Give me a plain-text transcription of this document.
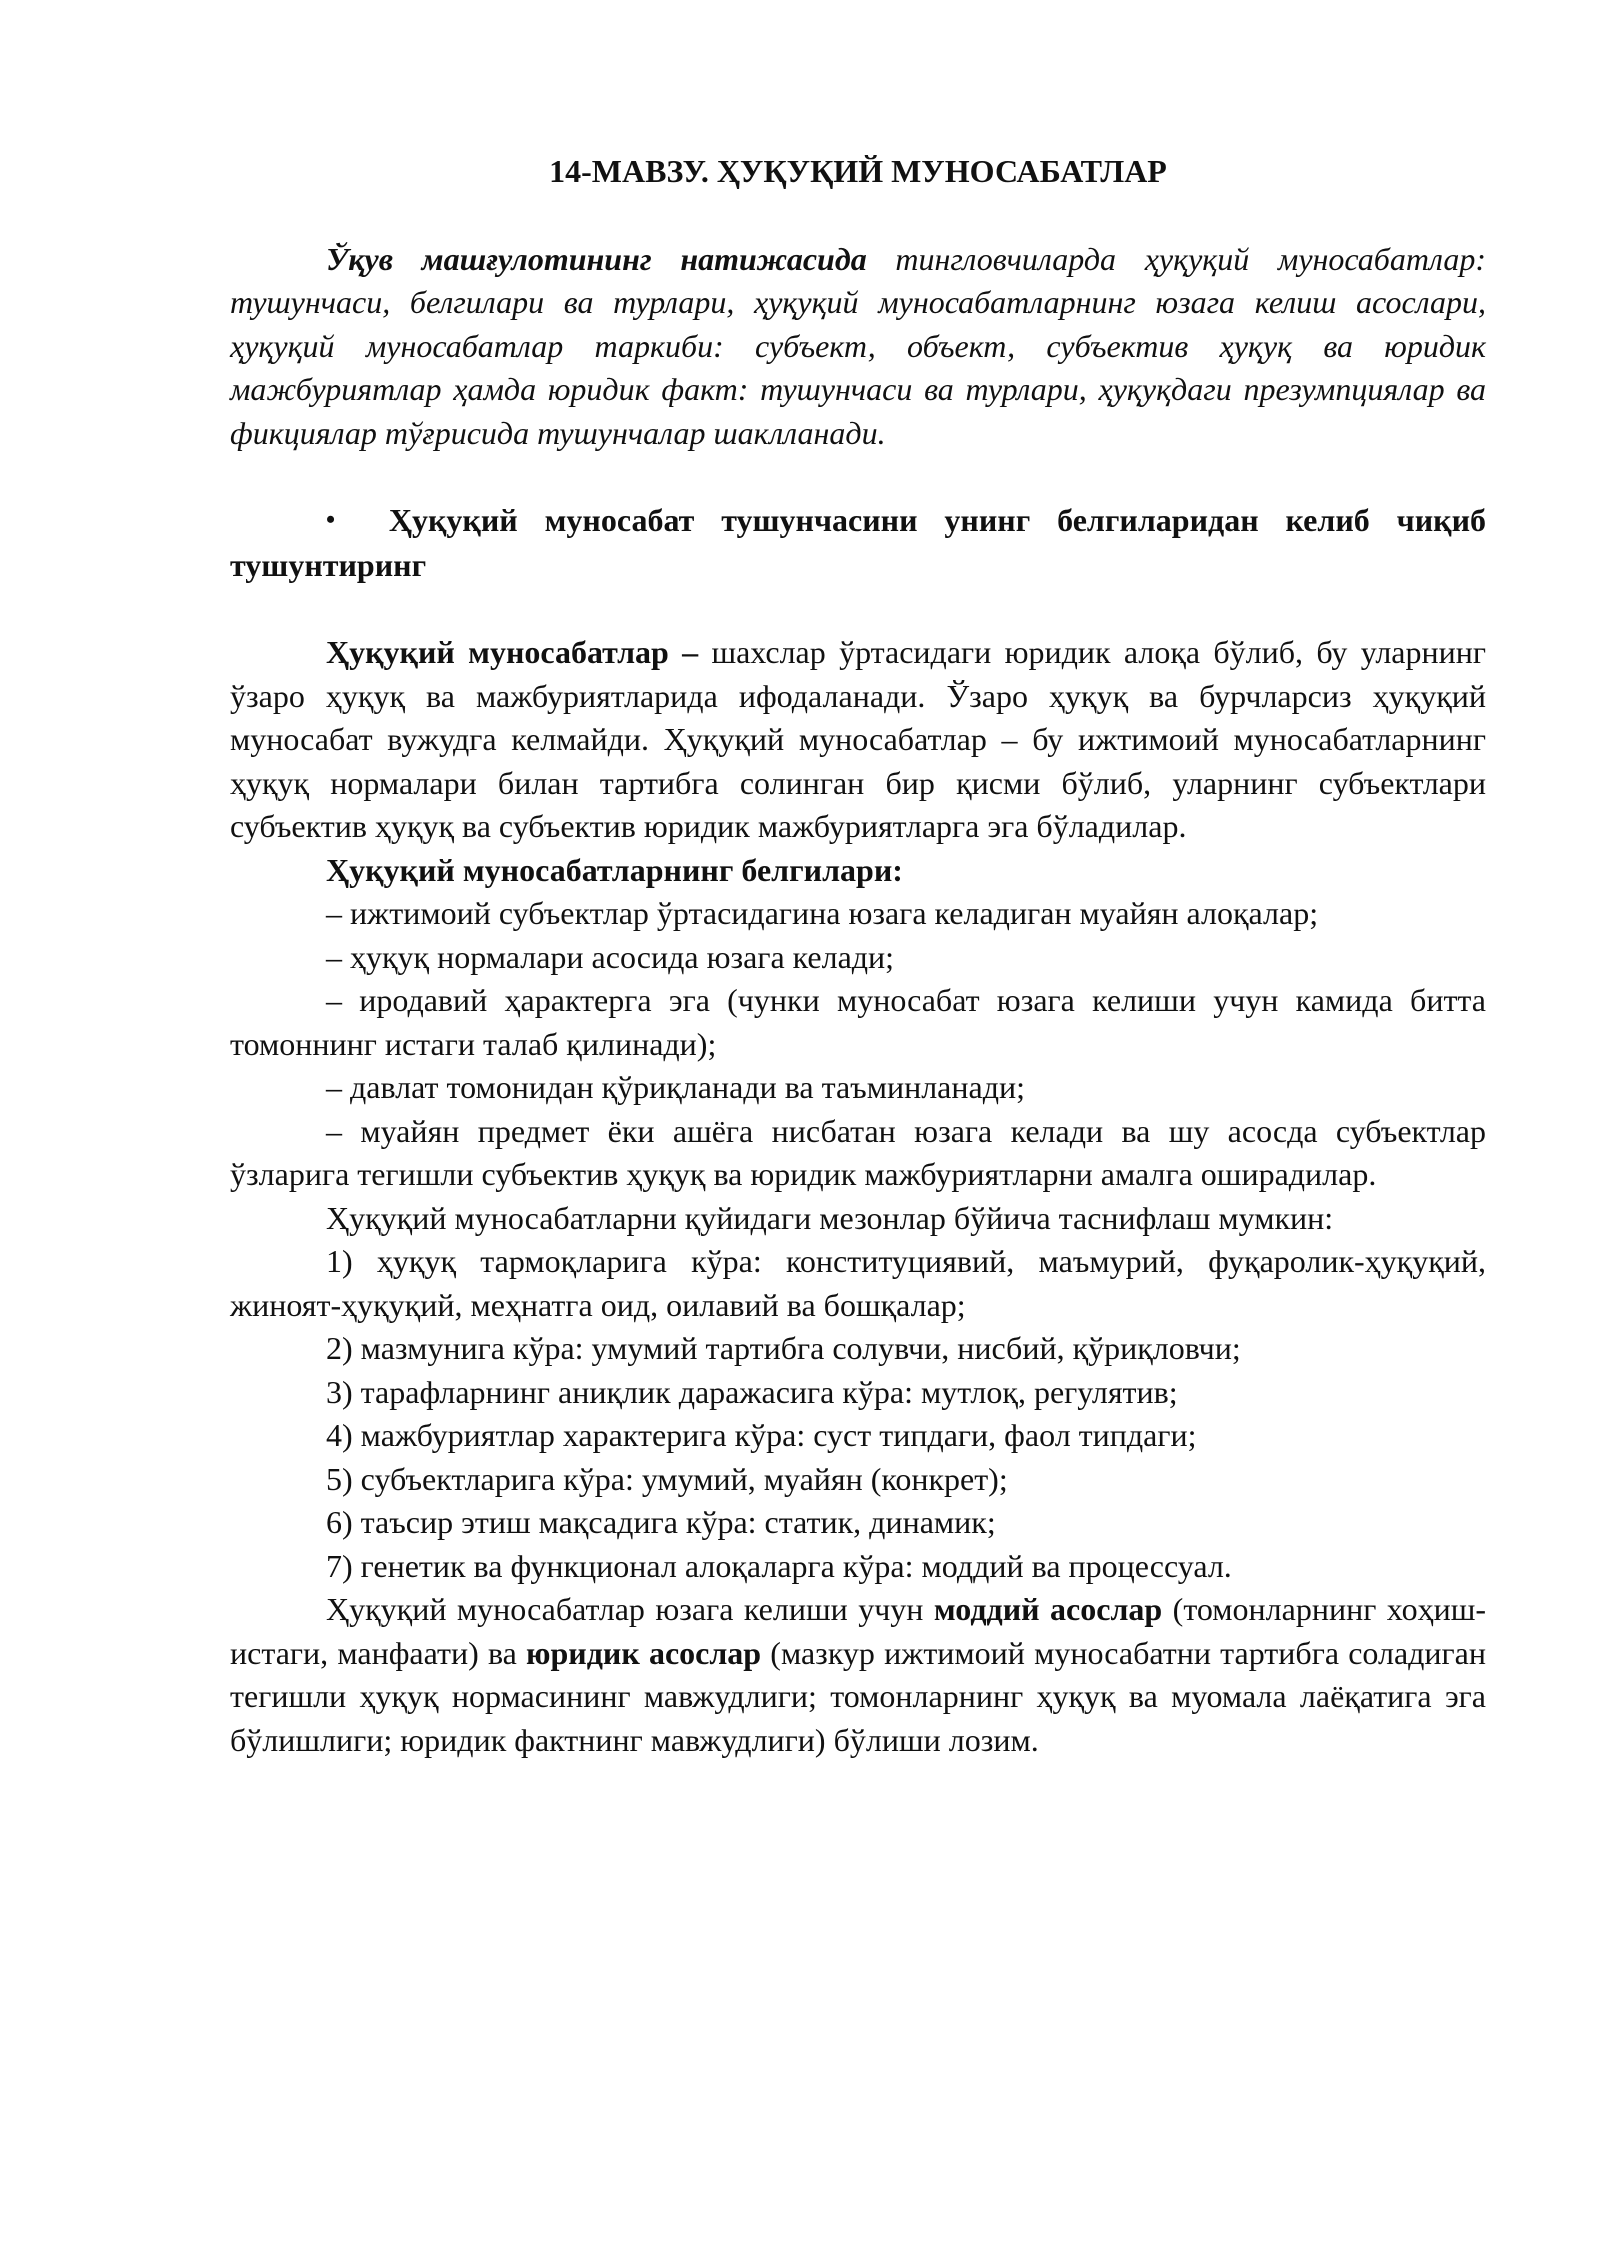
14-МАВЗУ. ҲУҚУҚИЙ МУНОСАБАТЛАР

Ўқув машғулотининг натижасида тингловчиларда ҳуқуқий муносабатлар: тушунчаси, белгилари ва турлари, ҳуқуқий муносабатларнинг юзага келиш асослари, ҳуқуқий муносабатлар таркиби: субъект, объект, субъектив ҳуқуқ ва юридик мажбуриятлар ҳамда юридик факт: тушунчаси ва турлари, ҳуқуқдаги презумпциялар ва фикциялар тўғрисида тушунчалар шаклланади.

• Ҳуқуқий муносабат тушунчасини унинг белгиларидан келиб чиқиб тушунтиринг

Ҳуқуқий муносабатлар – шахслар ўртасидаги юридик алоқа бўлиб, бу уларнинг ўзаро ҳуқуқ ва мажбуриятларида ифодаланади. Ўзаро ҳуқуқ ва бурчларсиз ҳуқуқий муносабат вужудга келмайди. Ҳуқуқий муносабатлар – бу ижтимоий муносабатларнинг ҳуқуқ нормалари билан тартибга солинган бир қисми бўлиб, уларнинг субъектлари субъектив ҳуқуқ ва субъектив юридик мажбуриятларга эга бўладилар.

Ҳуқуқий муносабатларнинг белгилари:

– ижтимоий субъектлар ўртасидагина юзага келадиган муайян алоқалар;

– ҳуқуқ нормалари асосида юзага келади;

– иродавий ҳарактерга эга (чунки муносабат юзага келиши учун камида битта томоннинг истаги талаб қилинади);

– давлат томонидан қўриқланади ва таъминланади;

– муайян предмет ёки ашёга нисбатан юзага келади ва шу асосда субъектлар ўзларига тегишли субъектив ҳуқуқ ва юридик мажбуриятларни амалга оширадилар.

Ҳуқуқий муносабатларни қуйидаги мезонлар бўйича таснифлаш мумкин:

1) ҳуқуқ тармоқларига кўра: конституциявий, маъмурий, фуқаролик-ҳуқуқий, жиноят-ҳуқуқий, меҳнатга оид, оилавий ва бошқалар;

2) мазмунига кўра: умумий тартибга солувчи, нисбий, қўриқловчи;

3) тарафларнинг аниқлик даражасига кўра: мутлоқ, регулятив;

4) мажбуриятлар характерига кўра: суст типдаги, фаол типдаги;

5) субъектларига кўра: умумий, муайян (конкрет);

6) таъсир этиш мақсадига кўра: статик, динамик;

7) генетик ва функционал алоқаларга кўра: моддий ва процессуал.

Ҳуқуқий муносабатлар юзага келиши учун моддий асослар (томонларнинг хоҳиш-истаги, манфаати) ва юридик асослар (мазкур ижтимоий муносабатни тартибга соладиган тегишли ҳуқуқ нормасининг мавжудлиги; томонларнинг ҳуқуқ ва муомала лаёқатига эга бўлишлиги; юридик фактнинг мавжудлиги) бўлиши лозим.
